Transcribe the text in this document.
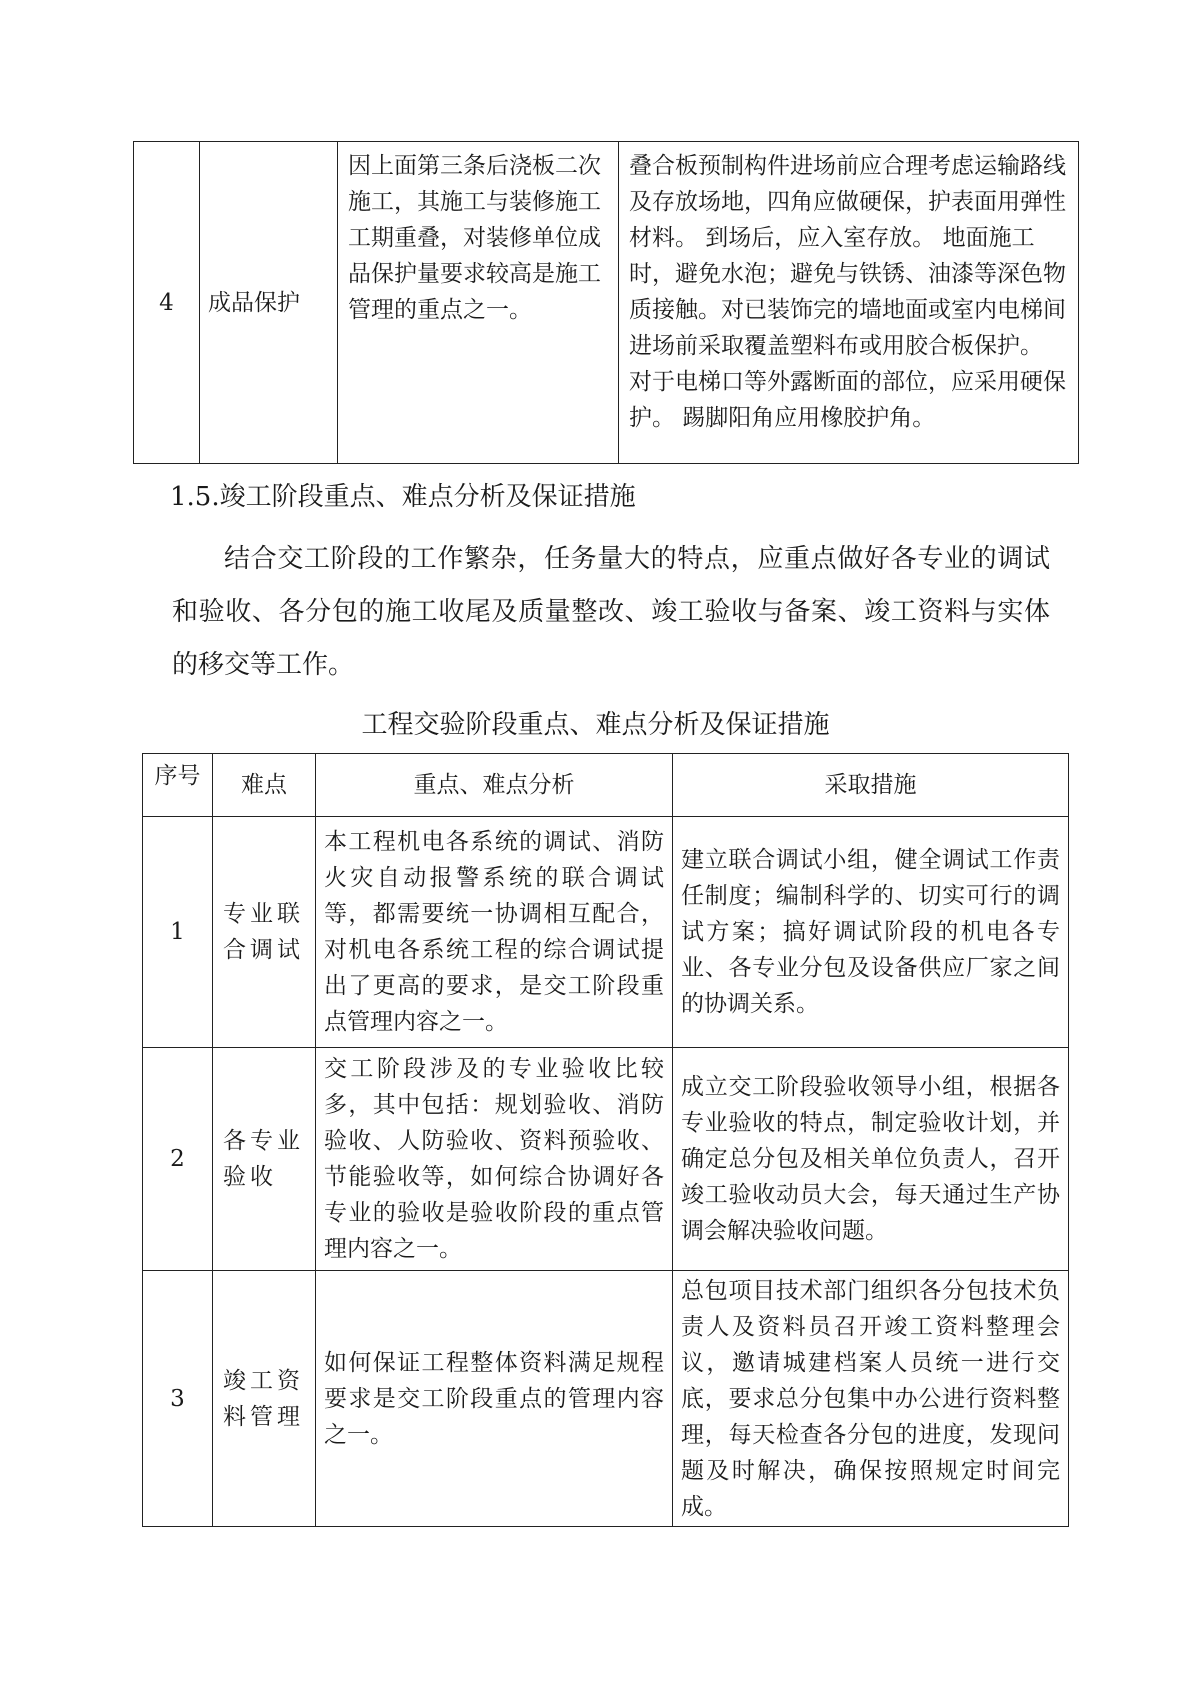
4	成品保护	因上面第三条后浇板二次施工，其施工与装修施工工期重叠，对装修单位成品保护量要求较高是施工管理的重点之一。	叠合板预制构件进场前应合理考虑运输路线及存放场地，四角应做硬保，护表面用弹性材料。 到场后，应入室存放。 地面施工时，避免水泡；避免与铁锈、油漆等深色物质接触。对已装饰完的墙地面或室内电梯间进场前采取覆盖塑料布或用胶合板保护。 对于电梯口等外露断面的部位，应采用硬保护。 踢脚阳角应用橡胶护角。
1.5.竣工阶段重点、难点分析及保证措施
结合交工阶段的工作繁杂，任务量大的特点，应重点做好各专业的调试和验收、各分包的施工收尾及质量整改、竣工验收与备案、竣工资料与实体的移交等工作。
工程交验阶段重点、难点分析及保证措施
序号	难点	重点、难点分析	采取措施
1	专业联合调试	本工程机电各系统的调试、消防火灾自动报警系统的联合调试等，都需要统一协调相互配合，对机电各系统工程的综合调试提出了更高的要求，是交工阶段重点管理内容之一。	建立联合调试小组，健全调试工作责任制度；编制科学的、切实可行的调试方案；搞好调试阶段的机电各专业、各专业分包及设备供应厂家之间的协调关系。
2	各专业验收	交工阶段涉及的专业验收比较多，其中包括：规划验收、消防验收、人防验收、资料预验收、节能验收等，如何综合协调好各专业的验收是验收阶段的重点管理内容之一。	成立交工阶段验收领导小组，根据各专业验收的特点，制定验收计划，并确定总分包及相关单位负责人，召开竣工验收动员大会，每天通过生产协调会解决验收问题。
3	竣工资料管理	如何保证工程整体资料满足规程要求是交工阶段重点的管理内容之一。	总包项目技术部门组织各分包技术负责人及资料员召开竣工资料整理会议，邀请城建档案人员统一进行交底，要求总分包集中办公进行资料整理，每天检查各分包的进度，发现问题及时解决，确保按照规定时间完成。
